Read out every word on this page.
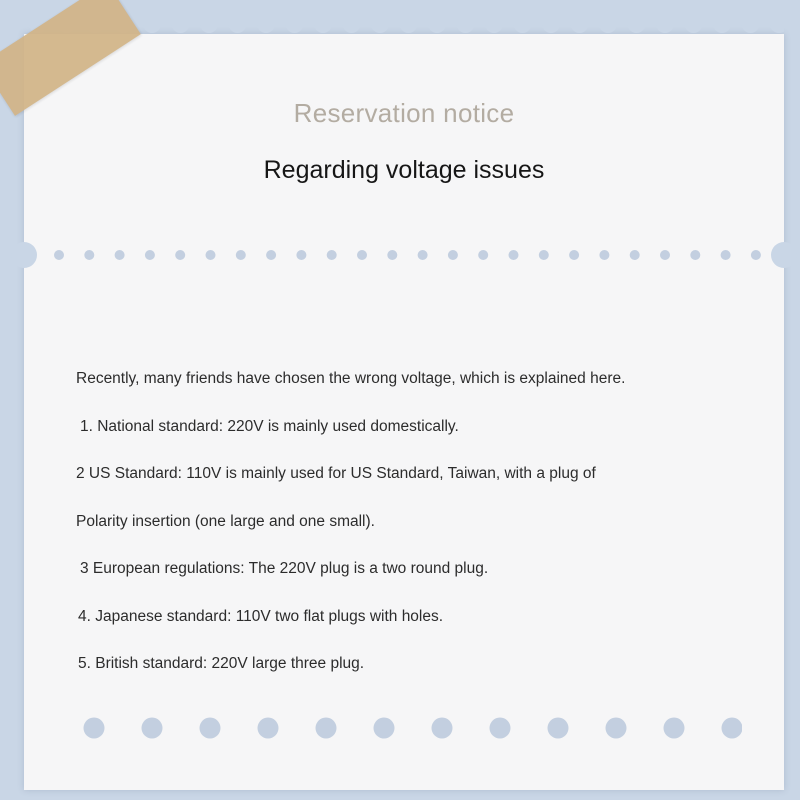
Reservation notice
Regarding voltage issues
Recently, many friends have chosen the wrong voltage, which is explained here.
1. National standard: 220V is mainly used domestically.
2 US Standard: 110V is mainly used for US Standard, Taiwan, with a plug of
Polarity insertion (one large and one small).
3 European regulations: The 220V plug is a two round plug.
4. Japanese standard: 110V two flat plugs with holes.
5. British standard: 220V large three plug.
